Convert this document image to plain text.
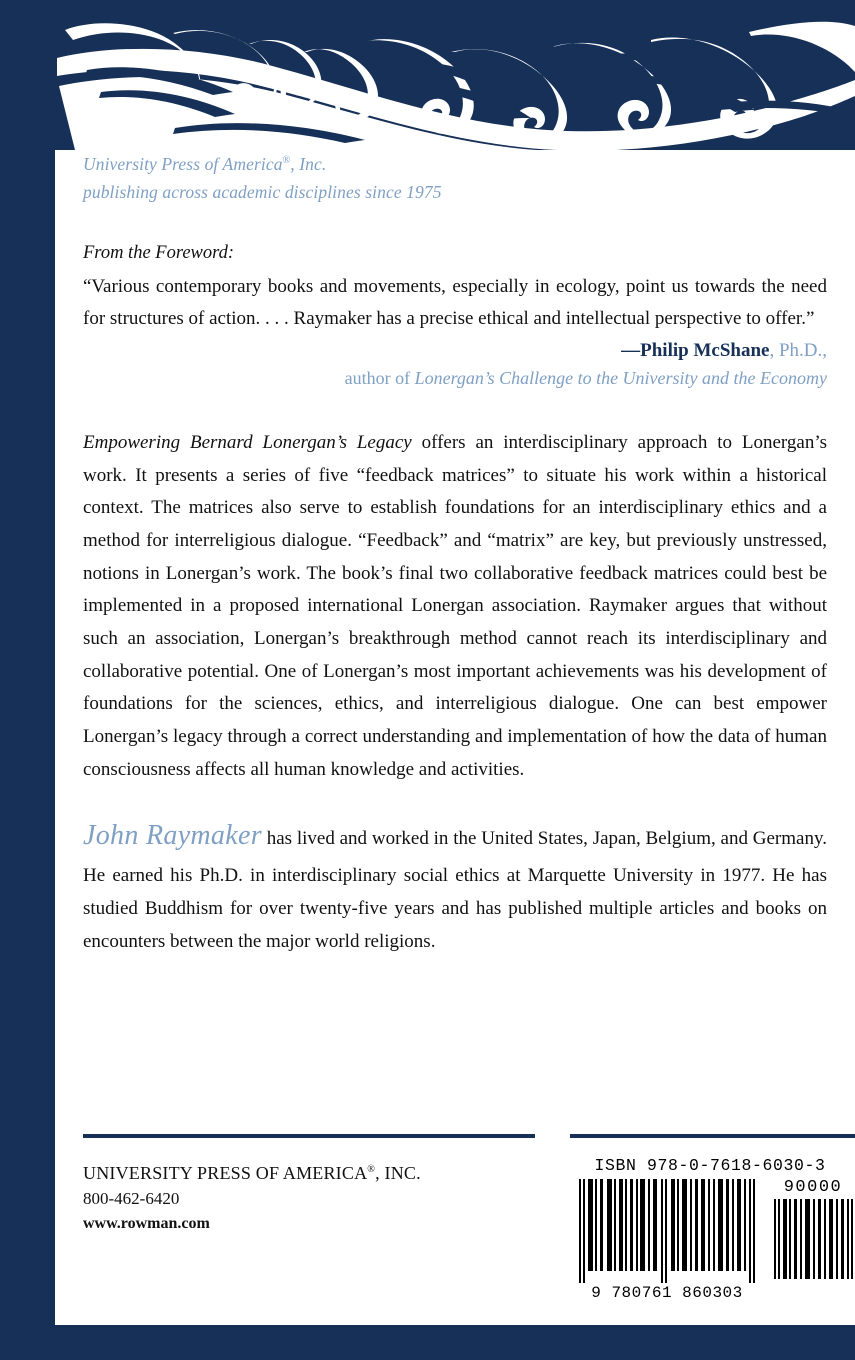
University Press of America®, Inc.
publishing across academic disciplines since 1975
From the Foreword:
“Various contemporary books and movements, especially in ecology, point us towards the need for structures of action. . . . Raymaker has a precise ethical and intellectual perspective to offer.”
—Philip McShane, Ph.D.,
author of Lonergan’s Challenge to the University and the Economy
Empowering Bernard Lonergan’s Legacy offers an interdisciplinary approach to Lonergan’s work. It presents a series of five “feedback matrices” to situate his work within a historical context. The matrices also serve to establish foundations for an interdisciplinary ethics and a method for interreligious dialogue. “Feedback” and “matrix” are key, but previously unstressed, notions in Lonergan’s work. The book’s final two collaborative feedback matrices could best be implemented in a proposed international Lonergan association. Raymaker argues that without such an association, Lonergan’s breakthrough method cannot reach its interdisciplinary and collaborative potential. One of Lonergan’s most important achievements was his development of foundations for the sciences, ethics, and interreligious dialogue. One can best empower Lonergan’s legacy through a correct understanding and implementation of how the data of human consciousness affects all human knowledge and activities.
John Raymaker has lived and worked in the United States, Japan, Belgium, and Germany. He earned his Ph.D. in interdisciplinary social ethics at Marquette University in 1977. He has studied Buddhism for over twenty-five years and has published multiple articles and books on encounters between the major world religions.
UNIVERSITY PRESS OF AMERICA®, INC.
800-462-6420
www.rowman.com
ISBN 978-0-7618-6030-3
90000
9 780761 860303
